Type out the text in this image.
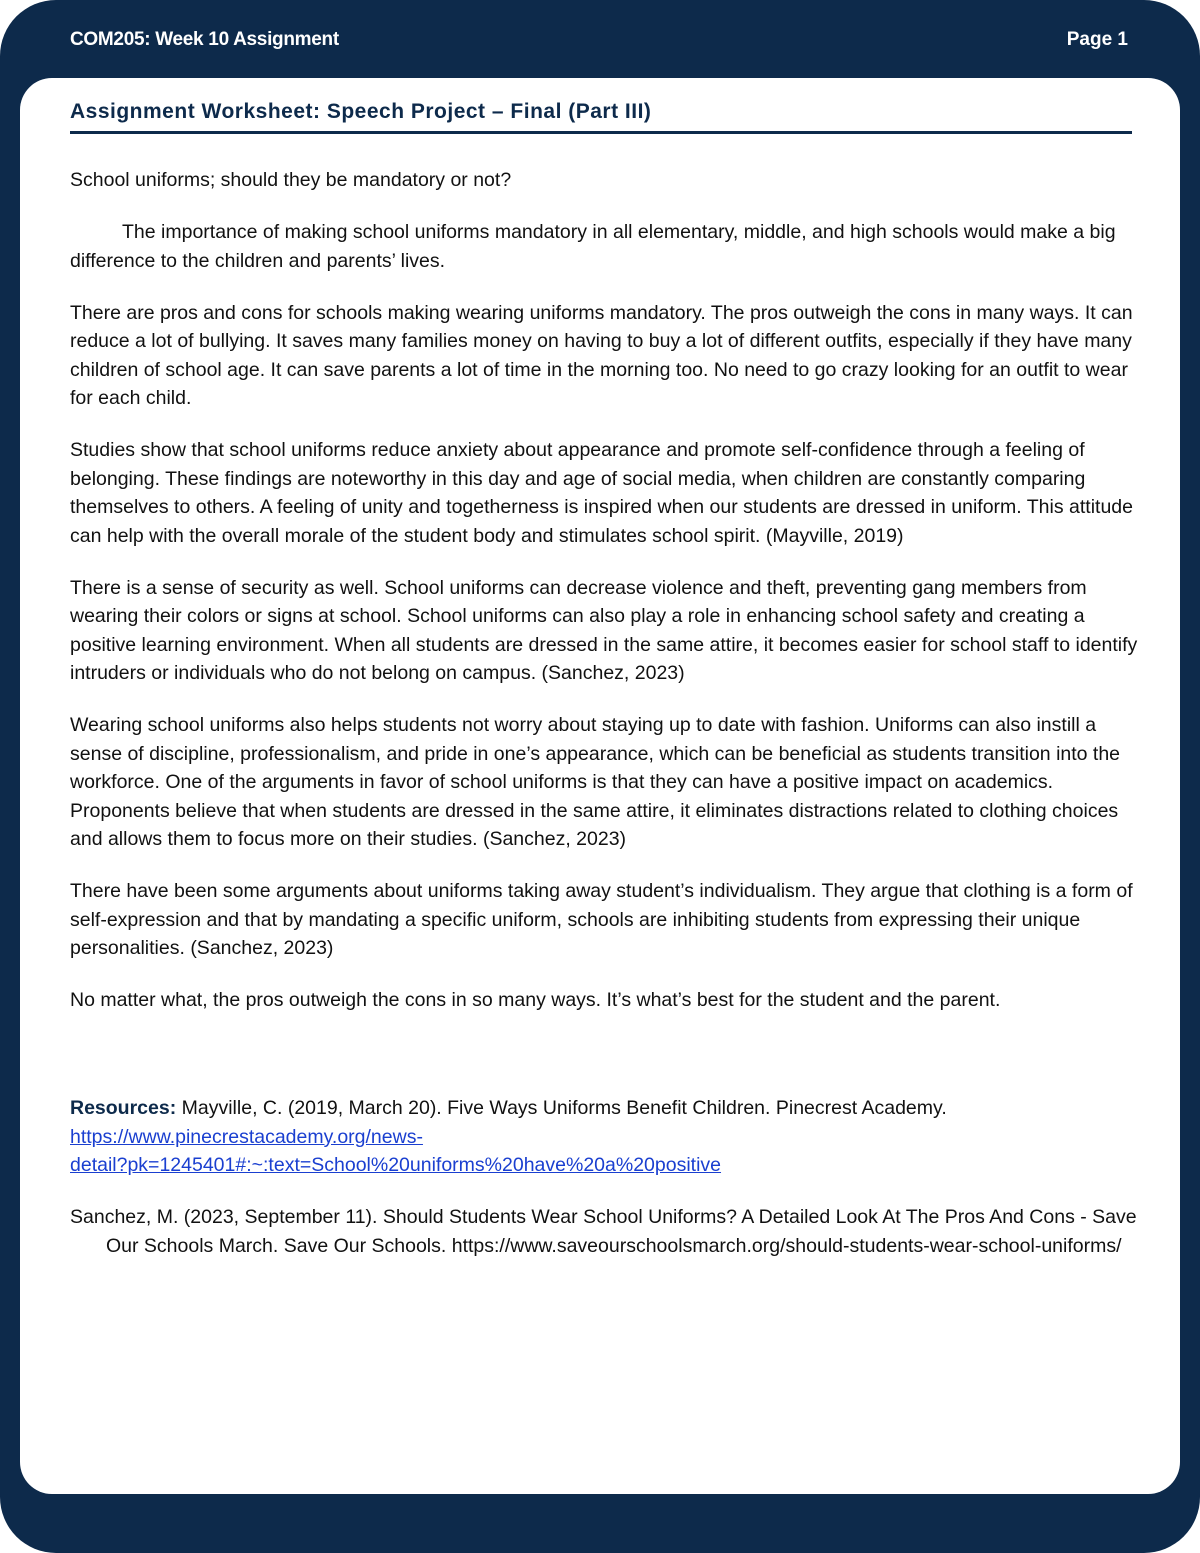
COM205: Week 10 Assignment	Page 1
Assignment Worksheet: Speech Project – Final (Part III)

School uniforms; should they be mandatory or not?

The importance of making school uniforms mandatory in all elementary, middle, and high schools would make a big difference to the children and parents’ lives.

There are pros and cons for schools making wearing uniforms mandatory. The pros outweigh the cons in many ways. It can reduce a lot of bullying. It saves many families money on having to buy a lot of different outfits, especially if they have many children of school age. It can save parents a lot of time in the morning too. No need to go crazy looking for an outfit to wear for each child.

Studies show that school uniforms reduce anxiety about appearance and promote self-confidence through a feeling of belonging. These findings are noteworthy in this day and age of social media, when children are constantly comparing themselves to others. A feeling of unity and togetherness is inspired when our students are dressed in uniform. This attitude can help with the overall morale of the student body and stimulates school spirit. (Mayville, 2019)

There is a sense of security as well. School uniforms can decrease violence and theft, preventing gang members from wearing their colors or signs at school. School uniforms can also play a role in enhancing school safety and creating a positive learning environment. When all students are dressed in the same attire, it becomes easier for school staff to identify intruders or individuals who do not belong on campus. (Sanchez, 2023)

Wearing school uniforms also helps students not worry about staying up to date with fashion. Uniforms can also instill a sense of discipline, professionalism, and pride in one’s appearance, which can be beneficial as students transition into the workforce. One of the arguments in favor of school uniforms is that they can have a positive impact on academics. Proponents believe that when students are dressed in the same attire, it eliminates distractions related to clothing choices and allows them to focus more on their studies. (Sanchez, 2023)

There have been some arguments about uniforms taking away student’s individualism. They argue that clothing is a form of self-expression and that by mandating a specific uniform, schools are inhibiting students from expressing their unique personalities. (Sanchez, 2023)

No matter what, the pros outweigh the cons in so many ways. It’s what’s best for the student and the parent.

Resources: Mayville, C. (2019, March 20). Five Ways Uniforms Benefit Children. Pinecrest Academy.
https://www.pinecrestacademy.org/news-
detail?pk=1245401#:~:text=School%20uniforms%20have%20a%20positive

Sanchez, M. (2023, September 11). Should Students Wear School Uniforms? A Detailed Look At The Pros And Cons - Save Our Schools March. Save Our Schools. https://www.saveourschoolsmarch.org/should-students-wear-school-uniforms/
